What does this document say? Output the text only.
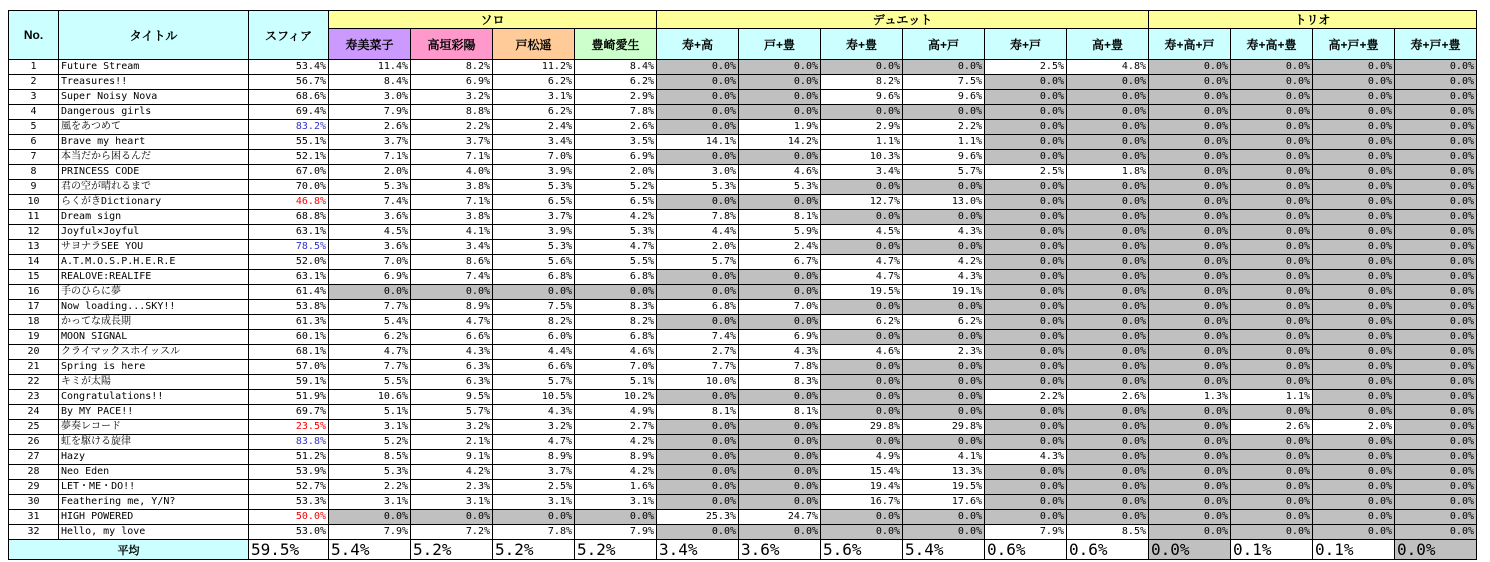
No.	タイトル	スフィア	ソロ				デュエット						トリオ			
			寿美菜子	高垣彩陽	戸松遥	豊崎愛生	寿+高	戸+豊	寿+豊	高+戸	寿+戸	高+豊	寿+高+戸	寿+高+豊	高+戸+豊	寿+戸+豊
1	Future Stream	53.4%	11.4%	8.2%	11.2%	8.4%	0.0%	0.0%	0.0%	0.0%	2.5%	4.8%	0.0%	0.0%	0.0%	0.0%
2	Treasures!!	56.7%	8.4%	6.9%	6.2%	6.2%	0.0%	0.0%	8.2%	7.5%	0.0%	0.0%	0.0%	0.0%	0.0%	0.0%
3	Super Noisy Nova	68.6%	3.0%	3.2%	3.1%	2.9%	0.0%	0.0%	9.6%	9.6%	0.0%	0.0%	0.0%	0.0%	0.0%	0.0%
4	Dangerous girls	69.4%	7.9%	8.8%	6.2%	7.8%	0.0%	0.0%	0.0%	0.0%	0.0%	0.0%	0.0%	0.0%	0.0%	0.0%
5	風をあつめて	83.2%	2.6%	2.2%	2.4%	2.6%	0.0%	1.9%	2.9%	2.2%	0.0%	0.0%	0.0%	0.0%	0.0%	0.0%
6	Brave my heart	55.1%	3.7%	3.7%	3.4%	3.5%	14.1%	14.2%	1.1%	1.1%	0.0%	0.0%	0.0%	0.0%	0.0%	0.0%
7	本当だから困るんだ	52.1%	7.1%	7.1%	7.0%	6.9%	0.0%	0.0%	10.3%	9.6%	0.0%	0.0%	0.0%	0.0%	0.0%	0.0%
8	PRINCESS CODE	67.0%	2.0%	4.0%	3.9%	2.0%	3.0%	4.6%	3.4%	5.7%	2.5%	1.8%	0.0%	0.0%	0.0%	0.0%
9	君の空が晴れるまで	70.0%	5.3%	3.8%	5.3%	5.2%	5.3%	5.3%	0.0%	0.0%	0.0%	0.0%	0.0%	0.0%	0.0%	0.0%
10	らくがきDictionary	46.8%	7.4%	7.1%	6.5%	6.5%	0.0%	0.0%	12.7%	13.0%	0.0%	0.0%	0.0%	0.0%	0.0%	0.0%
11	Dream sign	68.8%	3.6%	3.8%	3.7%	4.2%	7.8%	8.1%	0.0%	0.0%	0.0%	0.0%	0.0%	0.0%	0.0%	0.0%
12	Joyful×Joyful	63.1%	4.5%	4.1%	3.9%	5.3%	4.4%	5.9%	4.5%	4.3%	0.0%	0.0%	0.0%	0.0%	0.0%	0.0%
13	サヨナラSEE YOU	78.5%	3.6%	3.4%	5.3%	4.7%	2.0%	2.4%	0.0%	0.0%	0.0%	0.0%	0.0%	0.0%	0.0%	0.0%
14	A.T.M.O.S.P.H.E.R.E	52.0%	7.0%	8.6%	5.6%	5.5%	5.7%	6.7%	4.7%	4.2%	0.0%	0.0%	0.0%	0.0%	0.0%	0.0%
15	REALOVE:REALIFE	63.1%	6.9%	7.4%	6.8%	6.8%	0.0%	0.0%	4.7%	4.3%	0.0%	0.0%	0.0%	0.0%	0.0%	0.0%
16	手のひらに夢	61.4%	0.0%	0.0%	0.0%	0.0%	0.0%	0.0%	19.5%	19.1%	0.0%	0.0%	0.0%	0.0%	0.0%	0.0%
17	Now loading...SKY!!	53.8%	7.7%	8.9%	7.5%	8.3%	6.8%	7.0%	0.0%	0.0%	0.0%	0.0%	0.0%	0.0%	0.0%	0.0%
18	かってな成長期	61.3%	5.4%	4.7%	8.2%	8.2%	0.0%	0.0%	6.2%	6.2%	0.0%	0.0%	0.0%	0.0%	0.0%	0.0%
19	MOON SIGNAL	60.1%	6.2%	6.6%	6.0%	6.8%	7.4%	6.9%	0.0%	0.0%	0.0%	0.0%	0.0%	0.0%	0.0%	0.0%
20	クライマックスホイッスル	68.1%	4.7%	4.3%	4.4%	4.6%	2.7%	4.3%	4.6%	2.3%	0.0%	0.0%	0.0%	0.0%	0.0%	0.0%
21	Spring is here	57.0%	7.7%	6.3%	6.6%	7.0%	7.7%	7.8%	0.0%	0.0%	0.0%	0.0%	0.0%	0.0%	0.0%	0.0%
22	キミが太陽	59.1%	5.5%	6.3%	5.7%	5.1%	10.0%	8.3%	0.0%	0.0%	0.0%	0.0%	0.0%	0.0%	0.0%	0.0%
23	Congratulations!!	51.9%	10.6%	9.5%	10.5%	10.2%	0.0%	0.0%	0.0%	0.0%	2.2%	2.6%	1.3%	1.1%	0.0%	0.0%
24	By MY PACE!!	69.7%	5.1%	5.7%	4.3%	4.9%	8.1%	8.1%	0.0%	0.0%	0.0%	0.0%	0.0%	0.0%	0.0%	0.0%
25	夢奏レコード	23.5%	3.1%	3.2%	3.2%	2.7%	0.0%	0.0%	29.8%	29.8%	0.0%	0.0%	0.0%	2.6%	2.0%	0.0%
26	虹を駆ける旋律	83.8%	5.2%	2.1%	4.7%	4.2%	0.0%	0.0%	0.0%	0.0%	0.0%	0.0%	0.0%	0.0%	0.0%	0.0%
27	Hazy	51.2%	8.5%	9.1%	8.9%	8.9%	0.0%	0.0%	4.9%	4.1%	4.3%	0.0%	0.0%	0.0%	0.0%	0.0%
28	Neo Eden	53.9%	5.3%	4.2%	3.7%	4.2%	0.0%	0.0%	15.4%	13.3%	0.0%	0.0%	0.0%	0.0%	0.0%	0.0%
29	LET・ME・DO!!	52.7%	2.2%	2.3%	2.5%	1.6%	0.0%	0.0%	19.4%	19.5%	0.0%	0.0%	0.0%	0.0%	0.0%	0.0%
30	Feathering me, Y/N?	53.3%	3.1%	3.1%	3.1%	3.1%	0.0%	0.0%	16.7%	17.6%	0.0%	0.0%	0.0%	0.0%	0.0%	0.0%
31	HIGH POWERED	50.0%	0.0%	0.0%	0.0%	0.0%	25.3%	24.7%	0.0%	0.0%	0.0%	0.0%	0.0%	0.0%	0.0%	0.0%
32	Hello, my love	53.0%	7.9%	7.2%	7.8%	7.9%	0.0%	0.0%	0.0%	0.0%	7.9%	8.5%	0.0%	0.0%	0.0%	0.0%
平均		59.5%	5.4%	5.2%	5.2%	5.2%	3.4%	3.6%	5.6%	5.4%	0.6%	0.6%	0.0%	0.1%	0.1%	0.0%
